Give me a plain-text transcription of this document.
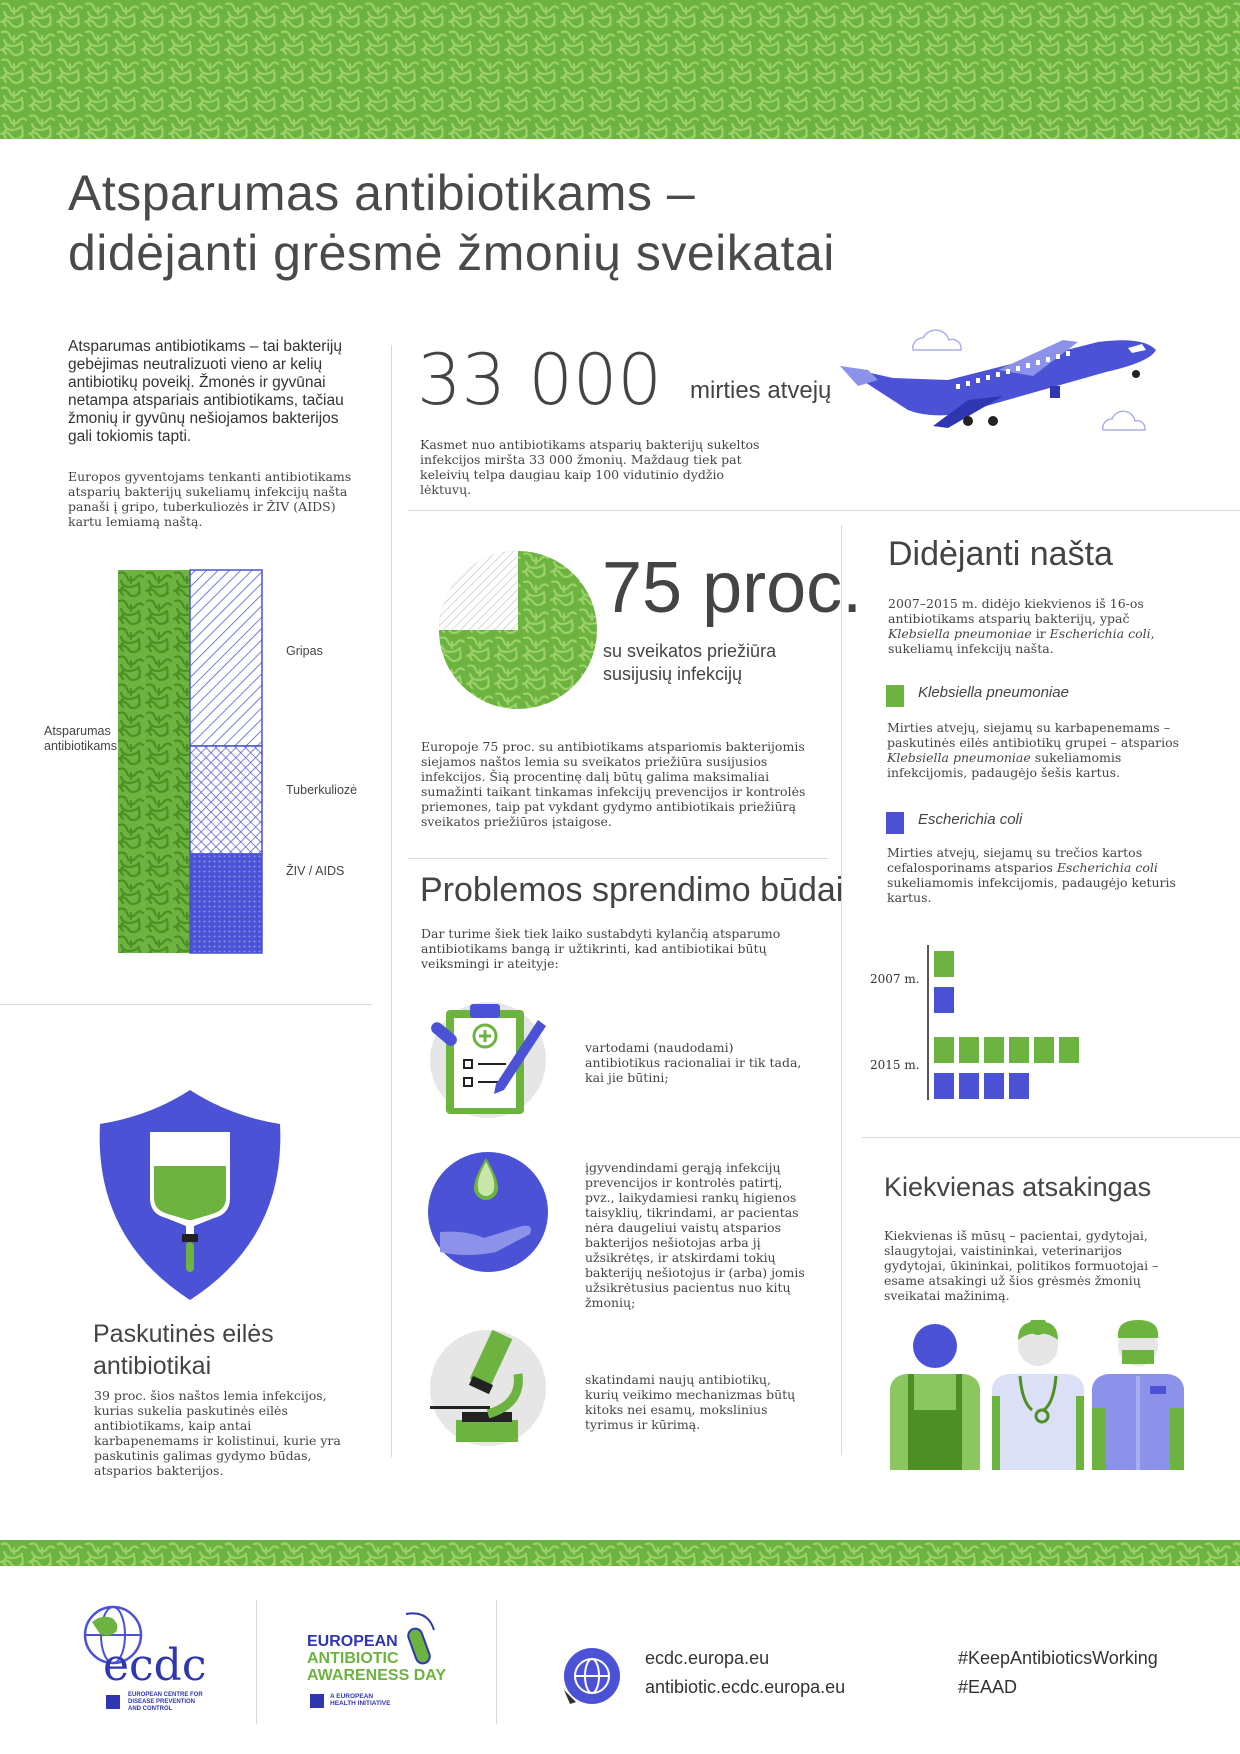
Atsparumas antibiotikams –
didėjanti grėsmė žmonių sveikatai
Atsparumas antibiotikams – tai bakterijų gebėjimas neutralizuoti vieno ar kelių antibiotikų poveikį. Žmonės ir gyvūnai netampa atspariais antibiotikams, tačiau žmonių ir gyvūnų nešiojamos bakterijos gali tokiomis tapti.
Europos gyventojams tenkanti antibiotikams atsparių bakterijų sukeliamų infekcijų našta panaši į gripo, tuberkuliozės ir ŽIV (AIDS) kartu lemiamą naštą.
Atsparumas antibiotikams
Gripas
Tuberkuliozė
ŽIV / AIDS
33 000 mirties atvejų
Kasmet nuo antibiotikams atsparių bakterijų sukeltos infekcijos miršta 33 000 žmonių. Maždaug tiek pat keleivių telpa daugiau kaip 100 vidutinio dydžio lėktuvų.
75 proc.
su sveikatos priežiūra susijusių infekcijų
Europoje 75 proc. su antibiotikams atspariomis bakterijomis siejamos naštos lemia su sveikatos priežiūra susijusios infekcijos. Šią procentinę dalį būtų galima maksimaliai sumažinti taikant tinkamas infekcijų prevencijos ir kontrolės priemones, taip pat vykdant gydymo antibiotikais priežiūrą sveikatos priežiūros įstaigose.
Didėjanti našta
2007–2015 m. didėjo kiekvienos iš 16-os antibiotikams atsparių bakterijų, ypač Klebsiella pneumoniae ir Escherichia coli, sukeliamų infekcijų našta.
Klebsiella pneumoniae
Mirties atvejų, siejamų su karbapenemams – paskutinės eilės antibiotikų grupei – atsparios Klebsiella pneumoniae sukeliamomis infekcijomis, padaugėjo šešis kartus.
Escherichia coli
Mirties atvejų, siejamų su trečios kartos cefalosporinams atsparios Escherichia coli sukeliamomis infekcijomis, padaugėjo keturis kartus.
2007 m.
2015 m.
Problemos sprendimo būdai
Dar turime šiek tiek laiko sustabdyti kylančią atsparumo antibiotikams bangą ir užtikrinti, kad antibiotikai būtų veiksmingi ir ateityje:
vartodami (naudodami) antibiotikus racionaliai ir tik tada, kai jie būtini;
įgyvendindami gerąją infekcijų prevencijos ir kontrolės patirtį, pvz., laikydamiesi rankų higienos taisyklių, tikrindami, ar pacientas nėra daugeliui vaistų atsparios bakterijos nešiotojas arba jį užsikrėtęs, ir atskirdami tokių bakterijų nešiotojus ir (arba) jomis užsikrėtusius pacientus nuo kitų žmonių;
skatindami naujų antibiotikų, kurių veikimo mechanizmas būtų kitoks nei esamų, mokslinius tyrimus ir kūrimą.
Paskutinės eilės antibiotikai
39 proc. šios naštos lemia infekcijos, kurias sukelia paskutinės eilės antibiotikams, kaip antai karbapenemams ir kolistinui, kurie yra paskutinis galimas gydymo būdas, atsparios bakterijos.
Kiekvienas atsakingas
Kiekvienas iš mūsų – pacientai, gydytojai, slaugytojai, vaistininkai, veterinarijos gydytojai, ūkininkai, politikos formuotojai – esame atsakingi už šios grėsmės žmonių sveikatai mažinimą.
ecdc
EUROPEAN CENTRE FOR
DISEASE PREVENTION
AND CONTROL
EUROPEAN
ANTIBIOTIC
AWARENESS DAY
A EUROPEAN
HEALTH INITIATIVE
ecdc.europa.eu
antibiotic.ecdc.europa.eu
#KeepAntibioticsWorking
#EAAD
